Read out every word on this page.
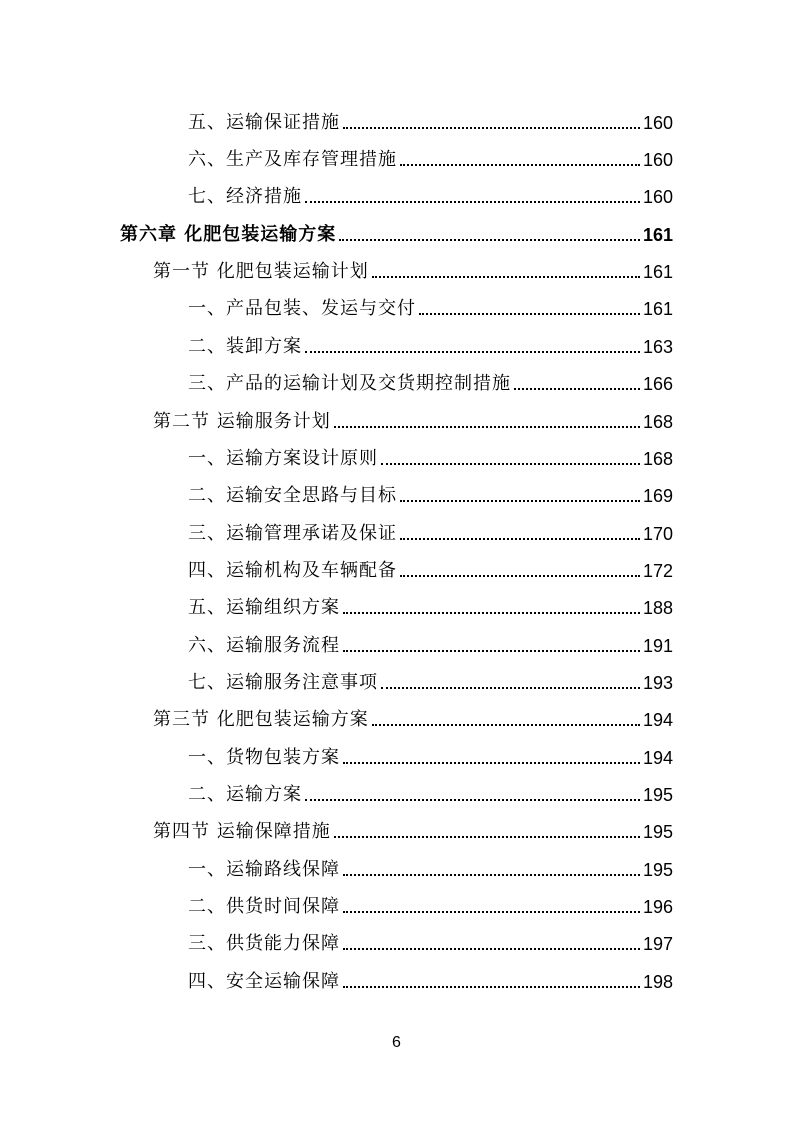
五、运输保证措施	160
六、生产及库存管理措施	160
七、经济措施	160
第六章 化肥包装运输方案	161
第一节 化肥包装运输计划	161
一、产品包装、发运与交付	161
二、装卸方案	163
三、产品的运输计划及交货期控制措施	166
第二节 运输服务计划	168
一、运输方案设计原则	168
二、运输安全思路与目标	169
三、运输管理承诺及保证	170
四、运输机构及车辆配备	172
五、运输组织方案	188
六、运输服务流程	191
七、运输服务注意事项	193
第三节 化肥包装运输方案	194
一、货物包装方案	194
二、运输方案	195
第四节 运输保障措施	195
一、运输路线保障	195
二、供货时间保障	196
三、供货能力保障	197
四、安全运输保障	198
6
